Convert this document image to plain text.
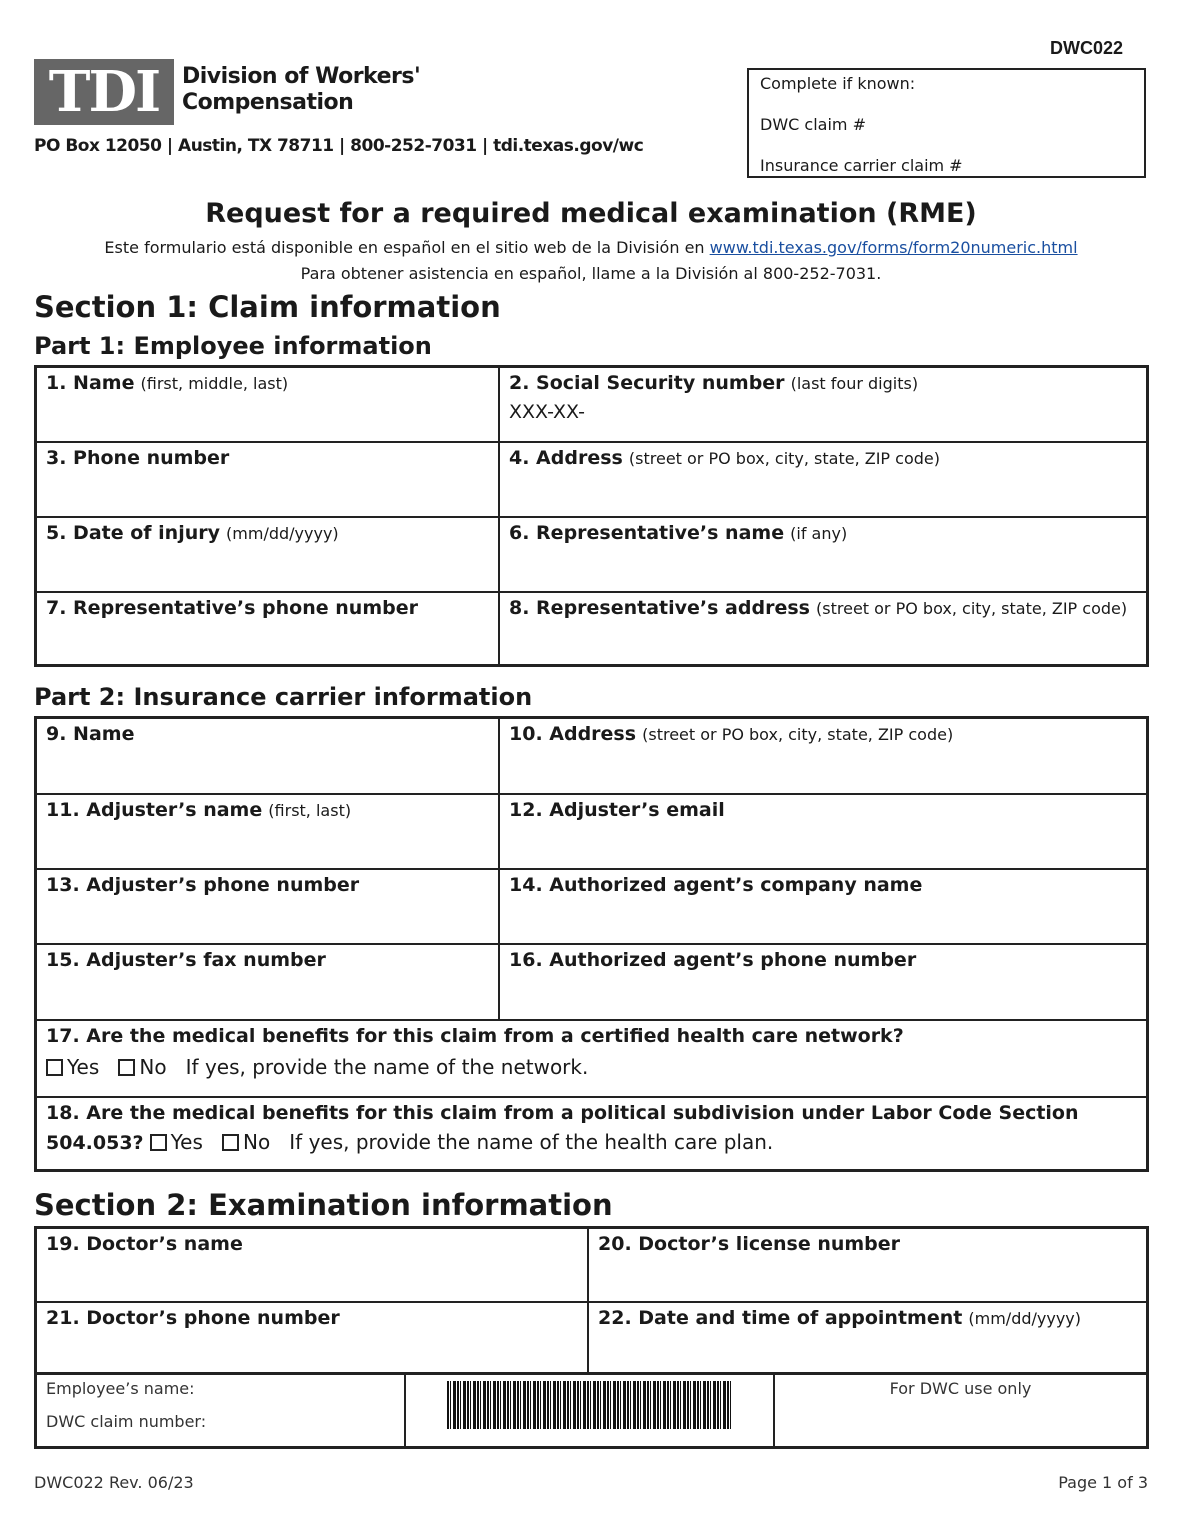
DWC022
TDI	Division of Workers'
Compensation
PO Box 12050 | Austin, TX 78711 | 800-252-7031 | tdi.texas.gov/wc
Complete if known:
DWC claim #
Insurance carrier claim #
Request for a required medical examination (RME)
Este formulario está disponible en español en el sitio web de la División en www.tdi.texas.gov/forms/form20numeric.html
Para obtener asistencia en español, llame a la División al 800-252-7031.
Section 1: Claim information
Part 1: Employee information
1. Name (first, middle, last)	2. Social Security number (last four digits)
XXX-XX-
3. Phone number	4. Address (street or PO box, city, state, ZIP code)
5. Date of injury (mm/dd/yyyy)	6. Representative’s name (if any)
7. Representative’s phone number	8. Representative’s address (street or PO box, city, state, ZIP code)
Part 2: Insurance carrier information
9. Name	10. Address (street or PO box, city, state, ZIP code)
11. Adjuster’s name (first, last)	12. Adjuster’s email
13. Adjuster’s phone number	14. Authorized agent’s company name
15. Adjuster’s fax number	16. Authorized agent’s phone number
17. Are the medical benefits for this claim from a certified health care network?
Yes No If yes, provide the name of the network.
18. Are the medical benefits for this claim from a political subdivision under Labor Code Section
504.053? Yes No If yes, provide the name of the health care plan.
Section 2: Examination information
19. Doctor’s name	20. Doctor’s license number
21. Doctor’s phone number	22. Date and time of appointment (mm/dd/yyyy)
Employee’s name:
DWC claim number:
For DWC use only
DWC022 Rev. 06/23	Page 1 of 3
